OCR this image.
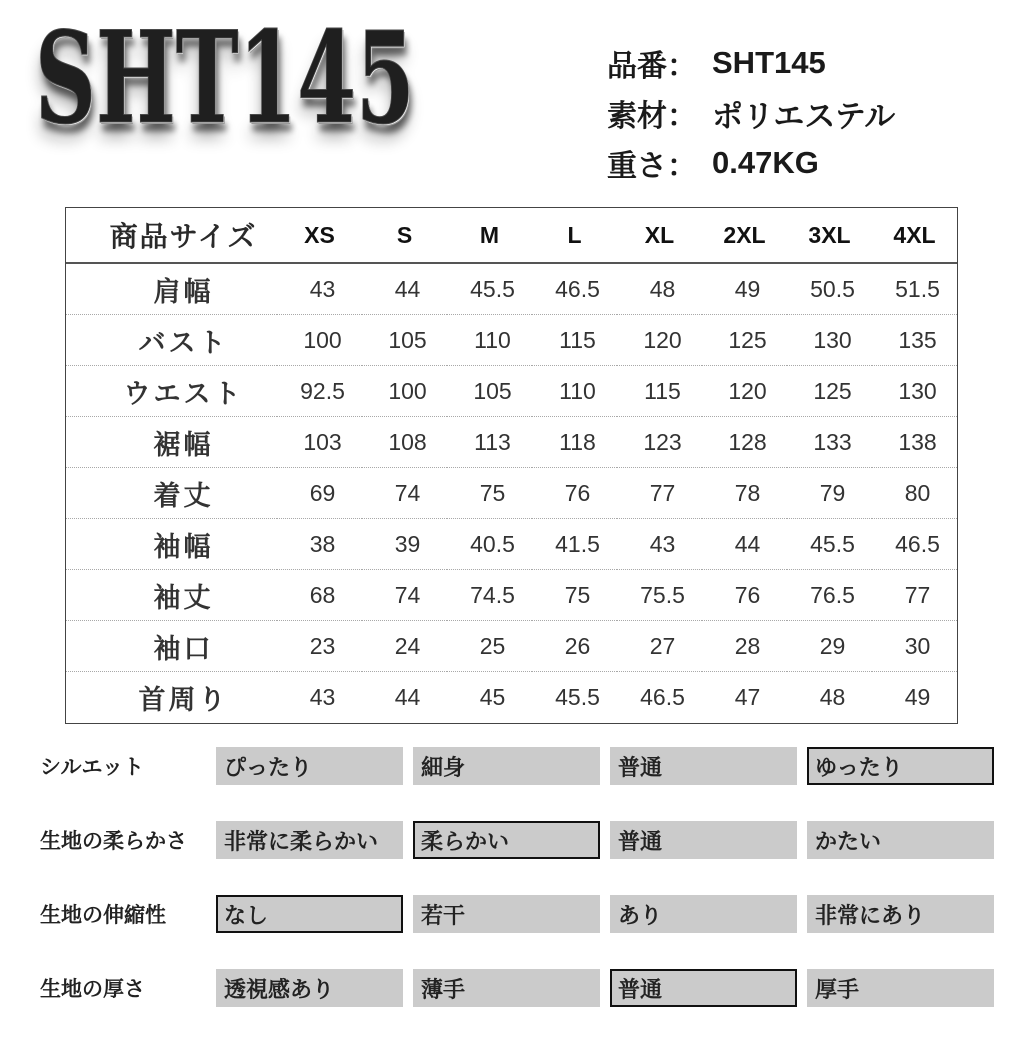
SHT145	品番： SHT145
素材： ポリエステル
重さ： 0.47KG
商品サイズ	XS	S	M	L	XL	2XL	3XL	4XL
肩幅	43	44	45.5	46.5	48	49	50.5	51.5
バスト	100	105	110	115	120	125	130	135
ウエスト	92.5	100	105	110	115	120	125	130
裾幅	103	108	113	118	123	128	133	138
着丈	69	74	75	76	77	78	79	80
袖幅	38	39	40.5	41.5	43	44	45.5	46.5
袖丈	68	74	74.5	75	75.5	76	76.5	77
袖口	23	24	25	26	27	28	29	30
首周り	43	44	45	45.5	46.5	47	48	49
シルエット	ぴったり	細身	普通	ゆったり
生地の柔らかさ	非常に柔らかい	柔らかい	普通	かたい
生地の伸縮性	なし	若干	あり	非常にあり
生地の厚さ	透視感あり	薄手	普通	厚手
